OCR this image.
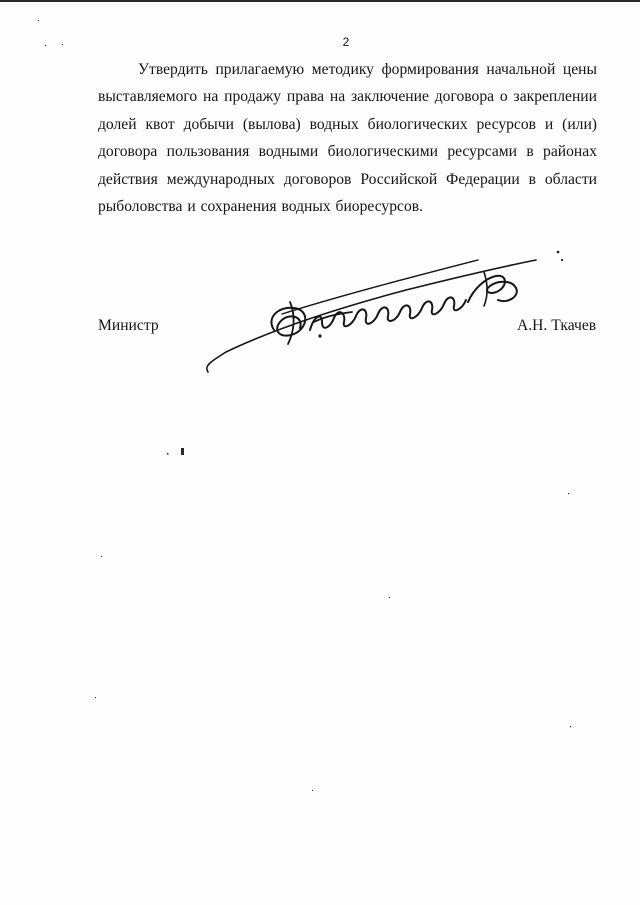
2

Утвердить прилагаемую методику формирования начальной цены выставляемого на продажу права на заключение договора о закреплении долей квот добычи (вылова) водных биологических ресурсов и (или) договора пользования водными биологическими ресурсами в районах действия международных договоров Российской Федерации в области рыболовства и сохранения водных биоресурсов.

Министр	А.Н. Ткачев
